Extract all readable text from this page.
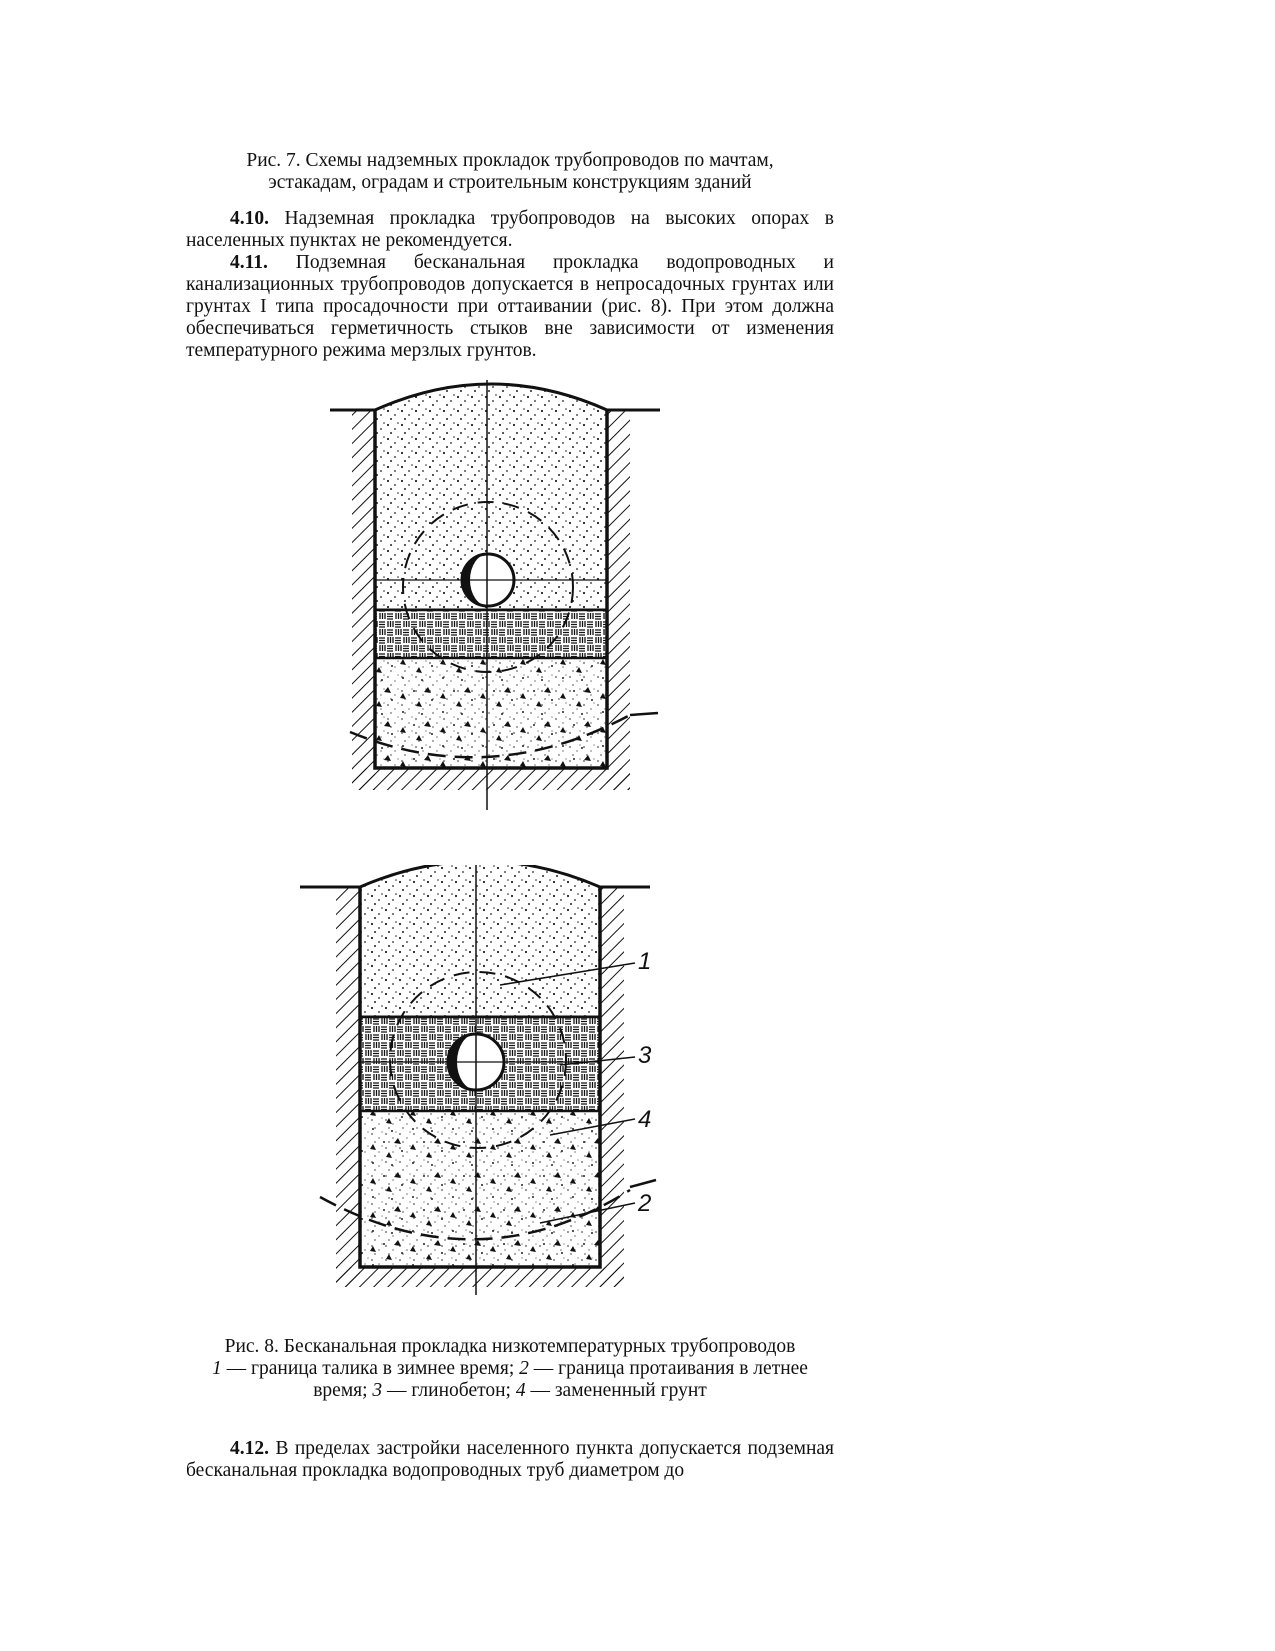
Рис. 7. Схемы надземных прокладок трубопроводов по мачтам,
эстакадам, оградам и строительным конструкциям зданий
4.10. Надземная прокладка трубопроводов на высоких опорах в населенных пунктах не рекомендуется.
4.11. Подземная бесканальная прокладка водопроводных и канализационных трубопроводов допускается в непросадочных грунтах или грунтах I типа просадочности при оттаивании (рис. 8). При этом должна обеспечиваться герметичность стыков вне зависимости от изменения температурного режима мерзлых грунтов.
1
3
4
2
Рис. 8. Бесканальная прокладка низкотемпературных трубопроводов
1 — граница талика в зимнее время; 2 — граница протаивания в летнее время; 3 — глинобетон; 4 — замененный грунт
4.12. В пределах застройки населенного пункта допускается подземная бесканальная прокладка водопроводных труб диаметром до
